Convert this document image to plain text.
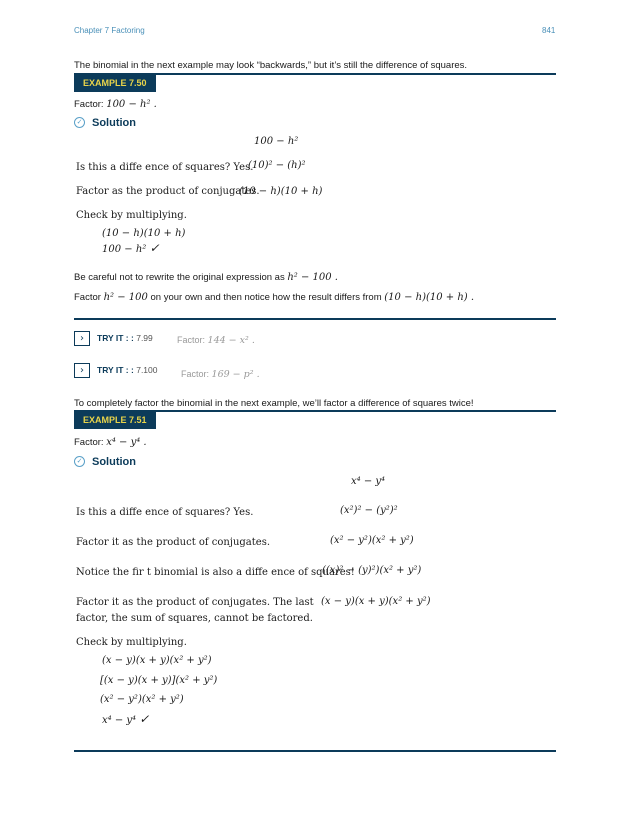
Chapter 7 Factoring	841
The binomial in the next example may look “backwards,” but it’s still the difference of squares.
EXAMPLE 7.50
Factor: 100 − h² .
✓ Solution
100 − h²
Is this a diffe ence of squares? Yes.
(10)² − (h)²
Factor as the product of conjugates.
(10 − h)(10 + h)
Check by multiplying.
(10 − h)(10 + h)
100 − h² ✓
Be careful not to rewrite the original expression as h² − 100 .
Factor h² − 100 on your own and then notice how the result differs from (10 − h)(10 + h) .
›	TRY IT : : 7.99	Factor: 144 − x² .
›	TRY IT : : 7.100	Factor: 169 − p² .
To completely factor the binomial in the next example, we’ll factor a difference of squares twice!
EXAMPLE 7.51
Factor: x⁴ − y⁴ .
✓ Solution
x⁴ − y⁴
Is this a diffe ence of squares? Yes.	(x²)² − (y²)²
Factor it as the product of conjugates.	(x² − y²)(x² + y²)
Notice the fir t binomial is also a diffe ence of squares!
((x)² − (y)²)(x² + y²)
Factor it as the product of conjugates. The last
factor, the sum of squares, cannot be factored.
(x − y)(x + y)(x² + y²)
Check by multiplying.
(x − y)(x + y)(x² + y²)
[(x − y)(x + y)](x² + y²)
(x² − y²)(x² + y²)
x⁴ − y⁴ ✓
